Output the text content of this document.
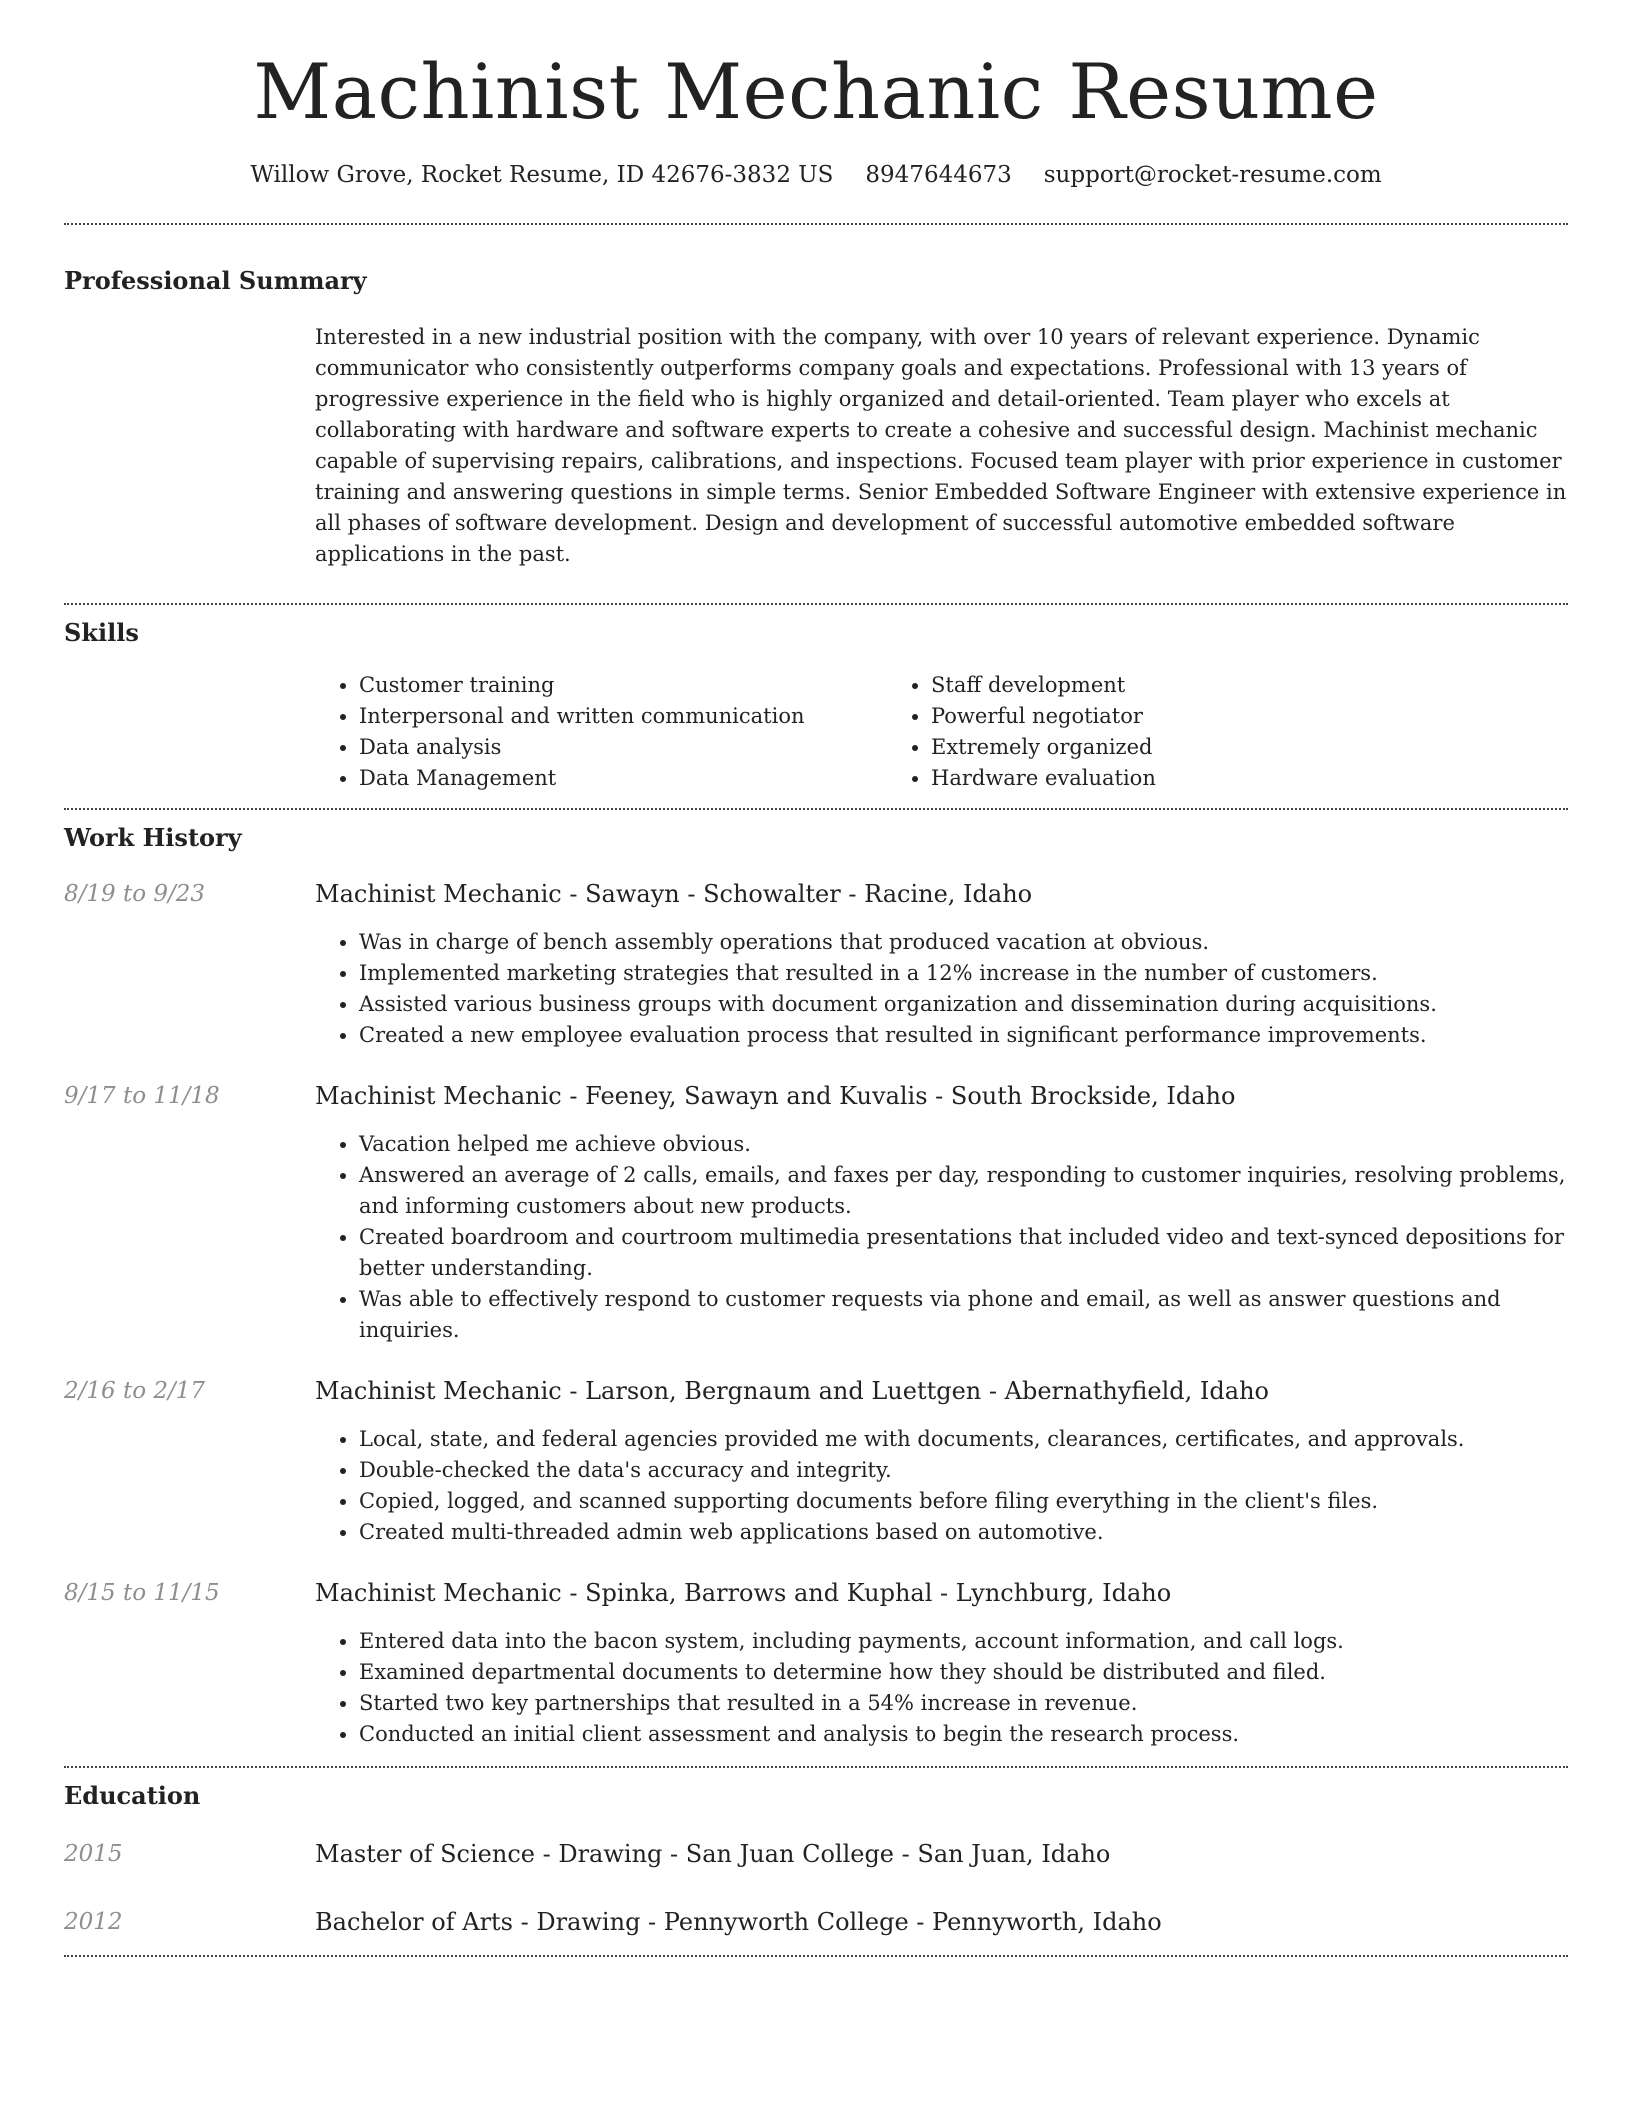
Machinist Mechanic Resume
Willow Grove, Rocket Resume, ID 42676-3832 US 8947644673 support@rocket-resume.com
Professional Summary

Interested in a new industrial position with the company, with over 10 years of relevant experience. Dynamic communicator who consistently outperforms company goals and expectations. Professional with 13 years of progressive experience in the field who is highly organized and detail-oriented. Team player who excels at collaborating with hardware and software experts to create a cohesive and successful design. Machinist mechanic capable of supervising repairs, calibrations, and inspections. Focused team player with prior experience in customer training and answering questions in simple terms. Senior Embedded Software Engineer with extensive experience in all phases of software development. Design and development of successful automotive embedded software applications in the past.

Skills
• Customer training
• Interpersonal and written communication
• Data analysis
• Data Management
• Staff development
• Powerful negotiator
• Extremely organized
• Hardware evaluation
Work History
8/19 to 9/23	Machinist Mechanic - Sawayn - Schowalter - Racine, Idaho
• Was in charge of bench assembly operations that produced vacation at obvious.
• Implemented marketing strategies that resulted in a 12% increase in the number of customers.
• Assisted various business groups with document organization and dissemination during acquisitions.
• Created a new employee evaluation process that resulted in significant performance improvements.
9/17 to 11/18	Machinist Mechanic - Feeney, Sawayn and Kuvalis - South Brockside, Idaho
• Vacation helped me achieve obvious.
• Answered an average of 2 calls, emails, and faxes per day, responding to customer inquiries, resolving problems, and informing customers about new products.
• Created boardroom and courtroom multimedia presentations that included video and text-synced depositions for better understanding.
• Was able to effectively respond to customer requests via phone and email, as well as answer questions and inquiries.
2/16 to 2/17	Machinist Mechanic - Larson, Bergnaum and Luettgen - Abernathyfield, Idaho
• Local, state, and federal agencies provided me with documents, clearances, certificates, and approvals.
• Double-checked the data's accuracy and integrity.
• Copied, logged, and scanned supporting documents before filing everything in the client's files.
• Created multi-threaded admin web applications based on automotive.
8/15 to 11/15	Machinist Mechanic - Spinka, Barrows and Kuphal - Lynchburg, Idaho
• Entered data into the bacon system, including payments, account information, and call logs.
• Examined departmental documents to determine how they should be distributed and filed.
• Started two key partnerships that resulted in a 54% increase in revenue.
• Conducted an initial client assessment and analysis to begin the research process.
Education
2015	Master of Science - Drawing - San Juan College - San Juan, Idaho
2012	Bachelor of Arts - Drawing - Pennyworth College - Pennyworth, Idaho
